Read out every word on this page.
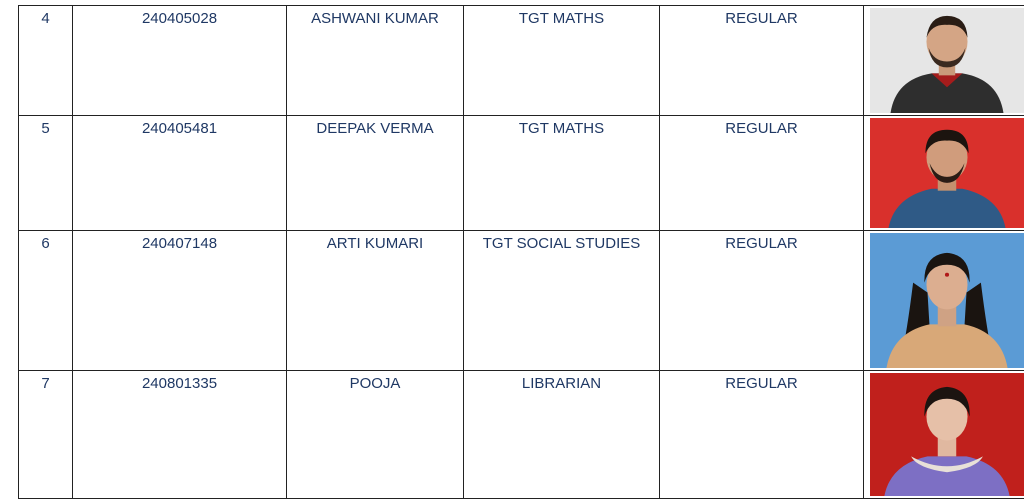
4	240405028	ASHWANI KUMAR	TGT MATHS	REGULAR

5	240405481	DEEPAK VERMA	TGT MATHS	REGULAR

6	240407148	ARTI KUMARI	TGT SOCIAL STUDIES	REGULAR

7	240801335	POOJA	LIBRARIAN	REGULAR
